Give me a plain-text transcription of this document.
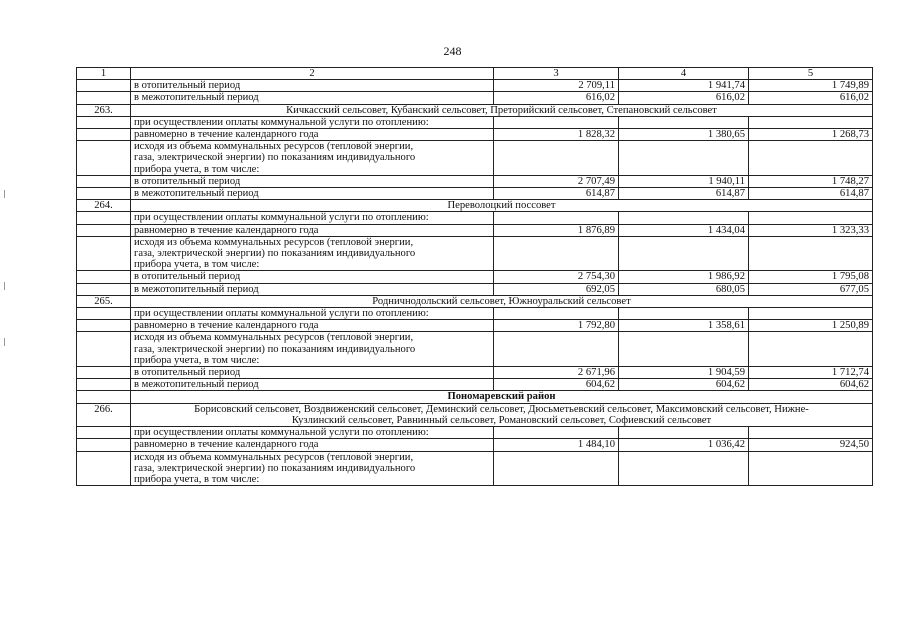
248
1	2	3	4	5
	в отопительный период	2 709,11	1 941,74	1 749,89
	в межотопительный период	616,02	616,02	616,02
263.	Кичкасский сельсовет, Кубанский сельсовет, Преторийский сельсовет, Степановский сельсовет			
	при осуществлении оплаты коммунальной услуги по отоплению:			
	равномерно в течение календарного года	1 828,32	1 380,65	1 268,73

	исходя из объема коммунальных ресурсов (тепловой энергии,
газа, электрической энергии) по показаниям индивидуального
прибора учета, в том числе:			

	в отопительный период	2 707,49	1 940,11	1 748,27
	в межотопительный период	614,87	614,87	614,87
264.	Переволоцкий поссовет			
	при осуществлении оплаты коммунальной услуги по отоплению:			
	равномерно в течение календарного года	1 876,89	1 434,04	1 323,33

	исходя из объема коммунальных ресурсов (тепловой энергии,
газа, электрической энергии) по показаниям индивидуального
прибора учета, в том числе:			

	в отопительный период	2 754,30	1 986,92	1 795,08
	в межотопительный период	692,05	680,05	677,05
265.	Родничнодольский сельсовет, Южноуральский сельсовет			
	при осуществлении оплаты коммунальной услуги по отоплению:			
	равномерно в течение календарного года	1 792,80	1 358,61	1 250,89

	исходя из объема коммунальных ресурсов (тепловой энергии,
газа, электрической энергии) по показаниям индивидуального
прибора учета, в том числе:			

	в отопительный период	2 671,96	1 904,59	1 712,74
	в межотопительный период	604,62	604,62	604,62
	Пономаревский район			
266.	Борисовский сельсовет, Воздвиженский сельсовет, Деминский сельсовет, Дюсьметьевский сельсовет, Максимовский сельсовет, Нижне-
Кузлинский сельсовет, Равнинный сельсовет, Романовский сельсовет, Софиевский сельсовет			

	при осуществлении оплаты коммунальной услуги по отоплению:			
	равномерно в течение календарного года	1 484,10	1 036,42	924,50

	исходя из объема коммунальных ресурсов (тепловой энергии,
газа, электрической энергии) по показаниям индивидуального
прибора учета, в том числе:			
